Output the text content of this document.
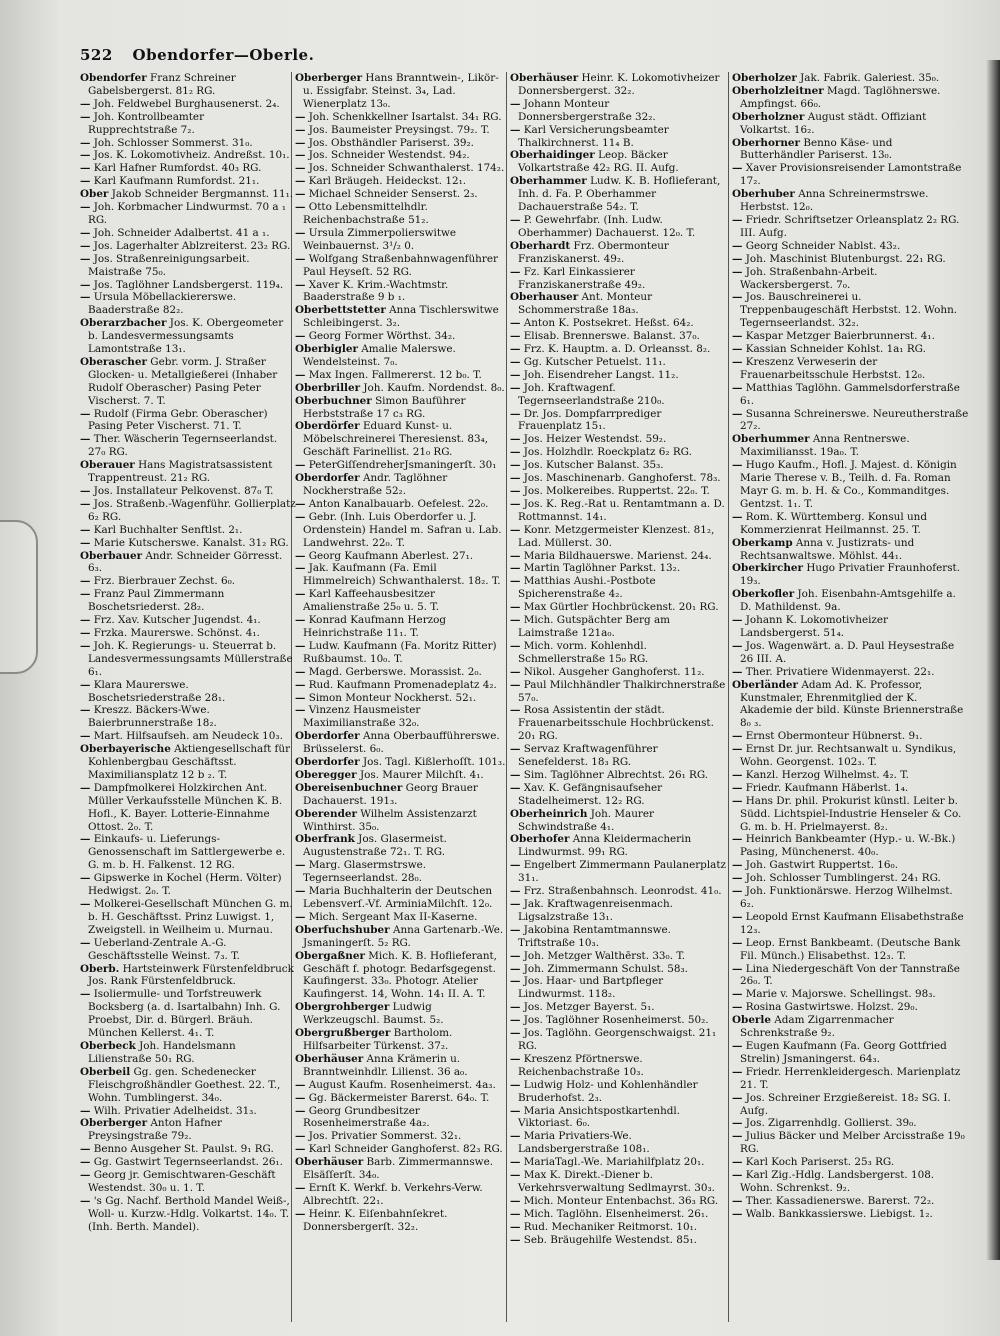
522 Obendorfer—Oberle.

Obendorfer Franz Schreiner Gabelsbergerst. 81₂ RG.

— Joh. Feldwebel Burghausenerst. 2₄.

— Joh. Kontrollbeamter Rupprechtstraße 7₂.

— Joh. Schlosser Sommerst. 31₀.

— Jos. K. Lokomotivheiz. Andreßst. 10₁.

— Karl Hafner Rumfordst. 40₃ RG.

— Karl Kaufmann Rumfordst. 21₁.

Ober Jakob Schneider Bergmannst. 11₁.

— Joh. Korbmacher Lindwurmst. 70 a ₁ RG.

— Joh. Schneider Adalbertst. 41 a ₁.

— Jos. Lagerhalter Ablzreiterst. 23₂ RG.

— Jos. Straßenreinigungsarbeit. Maistraße 75₀.

— Jos. Taglöhner Landsbergerst. 119₄.

— Ursula Möbellackiererswe. Baaderstraße 82₂.

Oberarzbacher Jos. K. Obergeometer b. Landesvermessungsamts Lamontstraße 13₁.

Oberascher Gebr. vorm. J. Straßer Glocken- u. Metallgießerei (Inhaber Rudolf Oberascher) Pasing Peter Vischerst. 7. T.

— Rudolf (Firma Gebr. Oberascher) Pasing Peter Vischerst. 71. T.

— Ther. Wäscherin Tegernseerlandst. 27₀ RG.

Oberauer Hans Magistratsassistent Trappentreust. 21₂ RG.

— Jos. Installateur Pelkovenst. 87₀ T.

— Jos. Straßenb.-Wagenführ. Gollierplatz 6₂ RG.

— Karl Buchhalter Senftlst. 2₁.

— Marie Kutscherswe. Kanalst. 31₂ RG.

Oberbauer Andr. Schneider Görresst. 6₃.

— Frz. Bierbrauer Zechst. 6₀.

— Franz Paul Zimmermann Boschetsriederst. 28₂.

— Frz. Xav. Kutscher Jugendst. 4₁.

— Frzka. Maurerswe. Schönst. 4₁.

— Joh. K. Regierungs- u. Steuerrat b. Landesvermessungsamts Müllerstraße 6₁.

— Klara Maurerswe. Boschetsriederstraße 28₁.

— Kreszz. Bäckers-Wwe. Baierbrunnerstraße 18₂.

— Mart. Hilfsaufseh. am Neudeck 10₃.

Oberbayerische Aktiengesellschaft für Kohlenbergbau Geschäftsst. Maximiliansplatz 12 b ₂. T.

— Dampfmolkerei Holzkirchen Ant. Müller Verkaufsstelle München K. B. Hofl., K. Bayer. Lotterie-Einnahme Ottost. 2₀. T.

— Einkaufs- u. Lieferungs-Genossenschaft im Sattlergewerbe e. G. m. b. H. Falkenst. 12 RG.

— Gipswerke in Kochel (Herm. Völter) Hedwigst. 2₀. T.

— Molkerei-Gesellschaft München G. m. b. H. Geschäftsst. Prinz Luwigst. 1, Zweigstell. in Weilheim u. Murnau.

— Ueberland-Zentrale A.-G. Geschäftsstelle Weinst. 7₃. T.

Oberb. Hartsteinwerk Fürstenfeldbruck Jos. Rank Fürstenfeldbruck.

— Isoliermulle- und Torfstreuwerk Bocksberg (a. d. Isartalbahn) Inh. G. Proebst, Dir. d. Bürgerl. Bräuh. München Kellerst. 4₁. T.

Oberbeck Joh. Handelsmann Lilienstraße 50₁ RG.

Oberbeil Gg. gen. Schedenecker Fleischgroßhändler Goethest. 22. T., Wohn. Tumblingerst. 34₀.

— Wilh. Privatier Adelheidst. 31₃.

Oberberger Anton Hafner Preysingstraße 79₂.

— Benno Ausgeher St. Paulst. 9₁ RG.

— Gg. Gastwirt Tegernseerlandst. 26₁.

— Georg jr. Gemischtwaren-Geschäft Westendst. 30₀ u. 1. T.

— 's Gg. Nachf. Berthold Mandel Weiß-, Woll- u. Kurzw.-Hdlg. Volkartst. 14₀. T. (Inh. Berth. Mandel).

Oberberger Hans Branntwein-, Likör- u. Essigfabr. Steinst. 3₄, Lad. Wienerplatz 13₀.

— Joh. Schenkkellner Isartalst. 34₁ RG.

— Jos. Baumeister Preysingst. 79₂. T.

— Jos. Obsthändler Pariserst. 39₂.

— Jos. Schneider Westendst. 94₂.

— Jos. Schneider Schwanthalerst. 174₂.

— Karl Bräugeh. Heideckst. 12₁.

— Michael Schneider Senserst. 2₃.

— Otto Lebensmittelhdlr. Reichenbachstraße 51₂.

— Ursula Zimmerpolierswitwe Weinbauernst. 3¹/₂ 0.

— Wolfgang Straßenbahnwagenführer Paul Heyseſt. 52 RG.

— Xaver K. Krim.-Wachtmstr. Baaderstraße 9 b ₁.

Oberbettstetter Anna Tischlerswitwe Schleibingerst. 3₂.

— Georg Former Wörthst. 34₂.

Oberbigler Amalie Malerswe. Wendelsteinst. 7₀.

— Max Ingen. Fallmererst. 12 b₀. T.

Oberbriller Joh. Kaufm. Nordendst. 8₀.

Oberbuchner Simon Bauführer Herbststraße 17 c₃ RG.

Oberdörfer Eduard Kunst- u. Möbelschreinerei Theresienst. 83₄, Geschäft Farinellist. 21₀ RG.

— PeterGiſſendreherJsmaningerſt. 30₁

Oberdorfer Andr. Taglöhner Nockherstraße 52₂.

— Anton Kanalbauarb. Oefelest. 22₀.

— Gebr. (Inh. Luis Oberdorfer u. J. Ordenstein) Handel m. Safran u. Lab. Landwehrst. 22₀. T.

— Georg Kaufmann Aberlest. 27₁.

— Jak. Kaufmann (Fa. Emil Himmelreich) Schwanthalerst. 18₂. T.

— Karl Kaffeehausbesitzer Amalienstraße 25₀ u. 5. T.

— Konrad Kaufmann Herzog Heinrichstraße 11₁. T.

— Ludw. Kaufmann (Fa. Moritz Ritter) Rußbaumst. 10₀. T.

— Magd. Gerberswe. Morassist. 2₀.

— Rud. Kaufmann Promenadeplatz 4₂.

— Simon Monteur Nockherst. 52₁.

— Vinzenz Hausmeister Maximilianstraße 32₀.

Oberdorfer Anna Oberbaufführerswe. Brüsselerst. 6₀.

Oberdorfer Jos. Tagl. Kißlerhoſſt. 101₃.

Oberegger Jos. Maurer Milchſt. 4₁.

Obereisenbuchner Georg Brauer Dachauerst. 191₃.

Oberender Wilhelm Assistenzarzt Winthirst. 35₀.

Oberfrank Jos. Glasermeist. Augustenstraße 72₁. T. RG.

— Marg. Glasermstrswe. Tegernseerlandst. 28₀.

— Maria Buchhalterin der Deutschen Lebensverſ.-Vf. ArminiaMilchſt. 12₀.

— Mich. Sergeant Max II-Kaserne.

Oberfuchshuber Anna Gartenarb.-We. Jsmaningerſt. 5₂ RG.

Obergaßner Mich. K. B. Hoflieferant, Geschäft f. photogr. Bedarfsgegenst. Kaufingerst. 33₀. Photogr. Atelier Kaufingerst. 14, Wohn. 14₁ II. A. T.

Obergrohberger Ludwig Werkzeugschl. Baumst. 5₂.

Obergrußberger Bartholom. Hilfsarbeiter Türkenst. 37₂.

Oberhäuser Anna Krämerin u. Branntweinhdlr. Lilienst. 36 a₀.

— August Kaufm. Rosenheimerst. 4a₃.

— Gg. Bäckermeister Barerst. 64₀. T.

— Georg Grundbesitzer Rosenheimerstraße 4a₂.

— Jos. Privatier Sommerst. 32₁.

— Karl Schneider Ganghoferst. 82₃ RG.

Oberhäuser Barb. Zimmermannswe. Elsäſſerſt. 34₀.

— Ernſt K. Werkf. b. Verkehrs-Verw. Albrechtſt. 22₁.

— Heinr. K. Eiſenbahnſekret. Donnersbergerſt. 32₂.

Oberhäuser Heinr. K. Lokomotivheizer Donnersbergerst. 32₂.

— Johann Monteur Donnersbergerstraße 32₂.

— Karl Versicherungsbeamter Thalkirchnerst. 11₄ B.

Oberhaidinger Leop. Bäcker Volkartstraße 42₂ RG. II. Aufg.

Oberhammer Ludw. K. B. Hoflieferant, Inh. d. Fa. P. Oberhammer Dachauerstraße 54₂. T.

— P. Gewehrfabr. (Inh. Ludw. Oberhammer) Dachauerst. 12₀. T.

Oberhardt Frz. Obermonteur Franziskanerst. 49₂.

— Fz. Karl Einkassierer Franziskanerstraße 49₂.

Oberhauser Ant. Monteur Schommerstraße 18a₃.

— Anton K. Postsekret. Heßst. 64₂.

— Elisab. Brennerswe. Balanst. 37₀.

— Frz. K. Hauptm. a. D. Orleansst. 8₂.

— Gg. Kutscher Petuelst. 11₁.

— Joh. Eisendreher Langst. 11₂.

— Joh. Kraftwagenf. Tegernseerlandstraße 210₀.

— Dr. Jos. Dompfarrprediger Frauenplatz 15₁.

— Jos. Heizer Westendst. 59₂.

— Jos. Holzhdlr. Roeckplatz 6₂ RG.

— Jos. Kutscher Balanst. 35₃.

— Jos. Maschinenarb. Ganghoferst. 78₃.

— Jos. Molkereibes. Ruppertst. 22₀. T.

— Jos. K. Reg.-Rat u. Rentamtmann a. D. Rottmannst. 14₁.

— Konr. Metzgermeister Klenzest. 81₂, Lad. Müllerst. 30.

— Maria Bildhauerswe. Marienst. 24₄.

— Martin Taglöhner Parkst. 13₂.

— Matthias Aushi.-Postbote Spicherenstraße 4₂.

— Max Gürtler Hochbrückenst. 20₁ RG.

— Mich. Gutspächter Berg am Laimstraße 121a₀.

— Mich. vorm. Kohlenhdl. Schmellerstraße 15₀ RG.

— Nikol. Ausgeher Ganghoferst. 11₂.

— Paul Milchhändler Thalkirchnerstraße 57₀.

— Rosa Assistentin der städt. Frauenarbeitsschule Hochbrückenst. 20₁ RG.

— Servaz Kraftwagenführer Senefelderst. 18₃ RG.

— Sim. Taglöhner Albrechtst. 26₁ RG.

— Xav. K. Gefängnisaufseher Stadelheimerst. 12₂ RG.

Oberheinrich Joh. Maurer Schwindstraße 4₁.

Oberhofer Anna Kleidermacherin Lindwurmst. 99₁ RG.

— Engelbert Zimmermann Paulanerplatz 31₁.

— Frz. Straßenbahnsch. Leonrodst. 41₀.

— Jak. Kraftwagenreisenmach. Ligsalzstraße 13₁.

— Jakobina Rentamtmannswe. Triftstraße 10₃.

— Joh. Metzger Walthērst. 33₀. T.

— Joh. Zimmermann Schulst. 58₃.

— Jos. Haar- und Bartpfleger Lindwurmst. 118₂.

— Jos. Metzger Bayerst. 5₁.

— Jos. Taglöhner Rosenheimerst. 50₂.

— Jos. Taglöhn. Georgenschwaigst. 21₁ RG.

— Kreszenz Pförtnerswe. Reichenbachstraße 10₃.

— Ludwig Holz- und Kohlenhändler Bruderhofst. 2₃.

— Maria Ansichtspostkartenhdl. Viktoriast. 6₀.

— Maria Privatiers-We. Landsbergerstraße 108₁.

— MariaTagl.-We. Mariahilfplatz 20₁.

— Max K. Direkt.-Diener b. Verkehrsverwaltung Sedlmayrst. 30₃.

— Mich. Monteur Entenbachst. 36₃ RG.

— Mich. Taglöhn. Elsenheimerst. 26₁.

— Rud. Mechaniker Reitmorst. 10₁.

— Seb. Bräugehilfe Westendst. 85₁.

Oberholzer Jak. Fabrik. Galeriest. 35₀.

Oberholzleitner Magd. Taglöhnerswe. Ampfingst. 66₀.

Oberholzner August städt. Offiziant Volkartst. 16₂.

Oberhorner Benno Käse- und Butterhändler Pariserst. 13₀.

— Xaver Provisionsreisender Lamontstraße 17₂.

Oberhuber Anna Schreinermstrswe. Herbstst. 12₀.

— Friedr. Schriftsetzer Orleansplatz 2₂ RG. III. Aufg.

— Georg Schneider Nablst. 43₂.

— Joh. Maschinist Blutenburgst. 22₁ RG.

— Joh. Straßenbahn-Arbeit. Wackersbergerst. 7₀.

— Jos. Bauschreinerei u. Treppenbaugeschäft Herbstst. 12. Wohn. Tegernseerlandst. 32₂.

— Kaspar Metzger Baierbrunnerst. 4₁.

— Kassian Schneider Kohlst. 1a₁ RG.

— Kreszenz Verweserin der Frauenarbeitsschule Herbstst. 12₀.

— Matthias Taglöhn. Gammelsdorferstraße 6₁.

— Susanna Schreinerswe. Neureutherstraße 27₂.

Oberhummer Anna Rentnerswe. Maximiliansst. 19a₀. T.

— Hugo Kaufm., Hofl. J. Majest. d. Königin Marie Therese v. B., Teilh. d. Fa. Roman Mayr G. m. b. H. & Co., Kommanditges. Gentzst. 1₁. T.

— Rom. K. Württemberg. Konsul und Kommerzienrat Heilmannst. 25. T.

Oberkamp Anna v. Justizrats- und Rechtsanwaltswe. Möhlst. 44₁.

Oberkircher Hugo Privatier Fraunhoferst. 19₃.

Oberkofler Joh. Eisenbahn-Amtsgehilfe a. D. Mathildenst. 9a.

— Johann K. Lokomotivheizer Landsbergerst. 51₄.

— Jos. Wagenwärt. a. D. Paul Heysestraße 26 III. A.

— Ther. Privatiere Widenmayerst. 22₁.

Oberländer Adam Ad. K. Professor, Kunstmaler, Ehrenmitglied der K. Akademie der bild. Künste Briennerstraße 8₀ ₃.

— Ernst Obermonteur Hübnerst. 9₁.

— Ernst Dr. jur. Rechtsanwalt u. Syndikus, Wohn. Georgenst. 102₃. T.

— Kanzl. Herzog Wilhelmst. 4₂. T.

— Friedr. Kaufmann Häberlst. 1₄.

— Hans Dr. phil. Prokurist künstl. Leiter b. Südd. Lichtspiel-Industrie Henseler & Co. G. m. b. H. Prielmayerst. 8₂.

— Heinrich Bankbeamter (Hyp.- u. W.-Bk.) Pasing, Münchenerst. 40₀.

— Joh. Gastwirt Ruppertst. 16₀.

— Joh. Schlosser Tumblingerst. 24₁ RG.

— Joh. Funktionärswe. Herzog Wilhelmst. 6₂.

— Leopold Ernst Kaufmann Elisabethstraße 12₃.

— Leop. Ernst Bankbeamt. (Deutsche Bank Fil. Münch.) Elisabethst. 12₃. T.

— Lina Niedergeschäft Von der Tannstraße 26₀. T.

— Marie v. Majorswe. Schellingst. 98₃.

— Rosina Gastwirtswe. Holzst. 29₀.

Oberle Adam Zigarrenmacher Schrenkstraße 9₂.

— Eugen Kaufmann (Fa. Georg Gottfried Strelin) Jsmaningerst. 64₃.

— Friedr. Herrenkleidergesch. Marienplatz 21. T.

— Jos. Schreiner Erzgießereist. 18₂ SG. I. Aufg.

— Jos. Zigarrenhdlg. Gollierst. 39₀.

— Julius Bäcker und Melber Arcisstraße 19₀ RG.

— Karl Koch Pariserst. 25₃ RG.

— Karl Zig.-Hdlg. Landsbergerst. 108. Wohn. Schrenkst. 9₂.

— Ther. Kassadienerswe. Barerst. 72₂.

— Walb. Bankkassierswe. Liebigst. 1₂.
